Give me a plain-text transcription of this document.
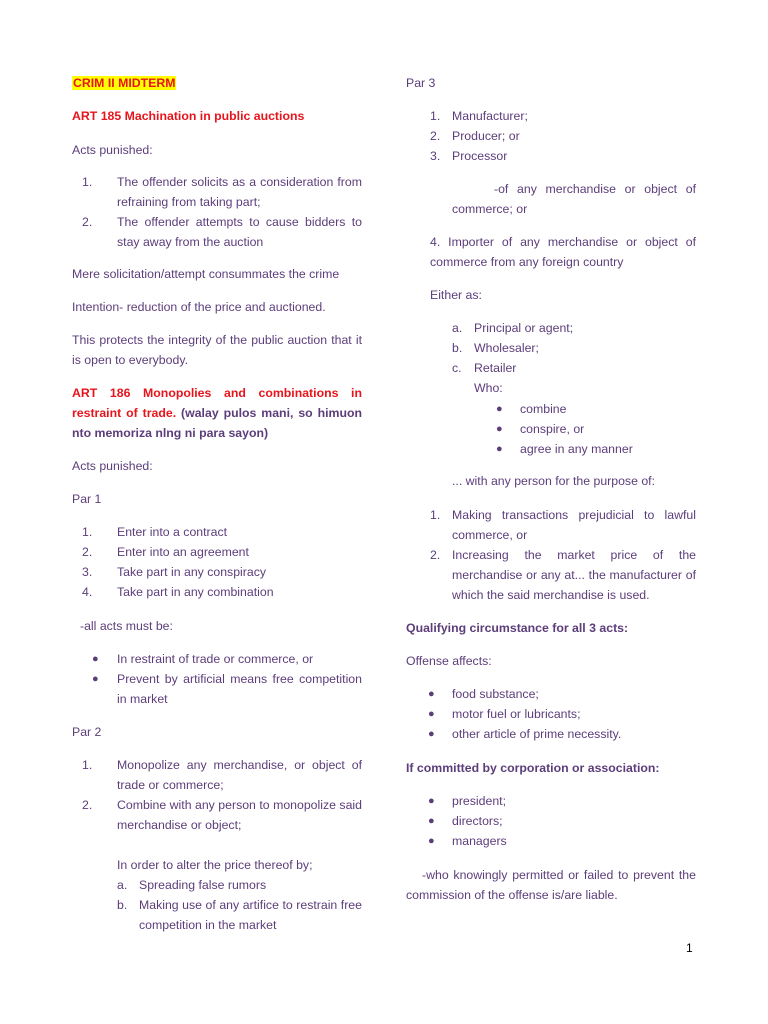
CRIM II MIDTERM
ART 185 Machination in public auctions
Acts punished:
1.	The offender solicits as a consideration from refraining from taking part;
2.	The offender attempts to cause bidders to stay away from the auction
Mere solicitation/attempt consummates the crime
Intention- reduction of the price and auctioned.
This protects the integrity of the public auction that it is open to everybody.
ART 186 Monopolies and combinations in restraint of trade. (walay pulos mani, so himuon nto memoriza nlng ni para sayon)
Acts punished:
Par 1
1.	Enter into a contract
2.	Enter into an agreement
3.	Take part in any conspiracy
4.	Take part in any combination
-all acts must be:
● In restraint of trade or commerce, or
● Prevent by artificial means free competition in market
Par 2
1.	Monopolize any merchandise, or object of trade or commerce;
2.	Combine with any person to monopolize said merchandise or object;
In order to alter the price thereof by;
a. Spreading false rumors
b. Making use of any artifice to restrain free competition in the market
Par 3
1. Manufacturer;
2. Producer; or
3. Processor
-of any merchandise or object of commerce; or
4. Importer of any merchandise or object of commerce from any foreign country
Either as:
a. Principal or agent;
b. Wholesaler;
c.	Retailer
Who:
● combine
● conspire, or
● agree in any manner
... with any person for the purpose of:
1. Making transactions prejudicial to lawful commerce, or
2. Increasing the market price of the merchandise or any at... the manufacturer of which the said merchandise is used.
Qualifying circumstance for all 3 acts:
Offense affects:
● food substance;
● motor fuel or lubricants;
● other article of prime necessity.
If committed by corporation or association:
● president;
● directors;
● managers
-who knowingly permitted or failed to prevent the commission of the offense is/are liable.
1
